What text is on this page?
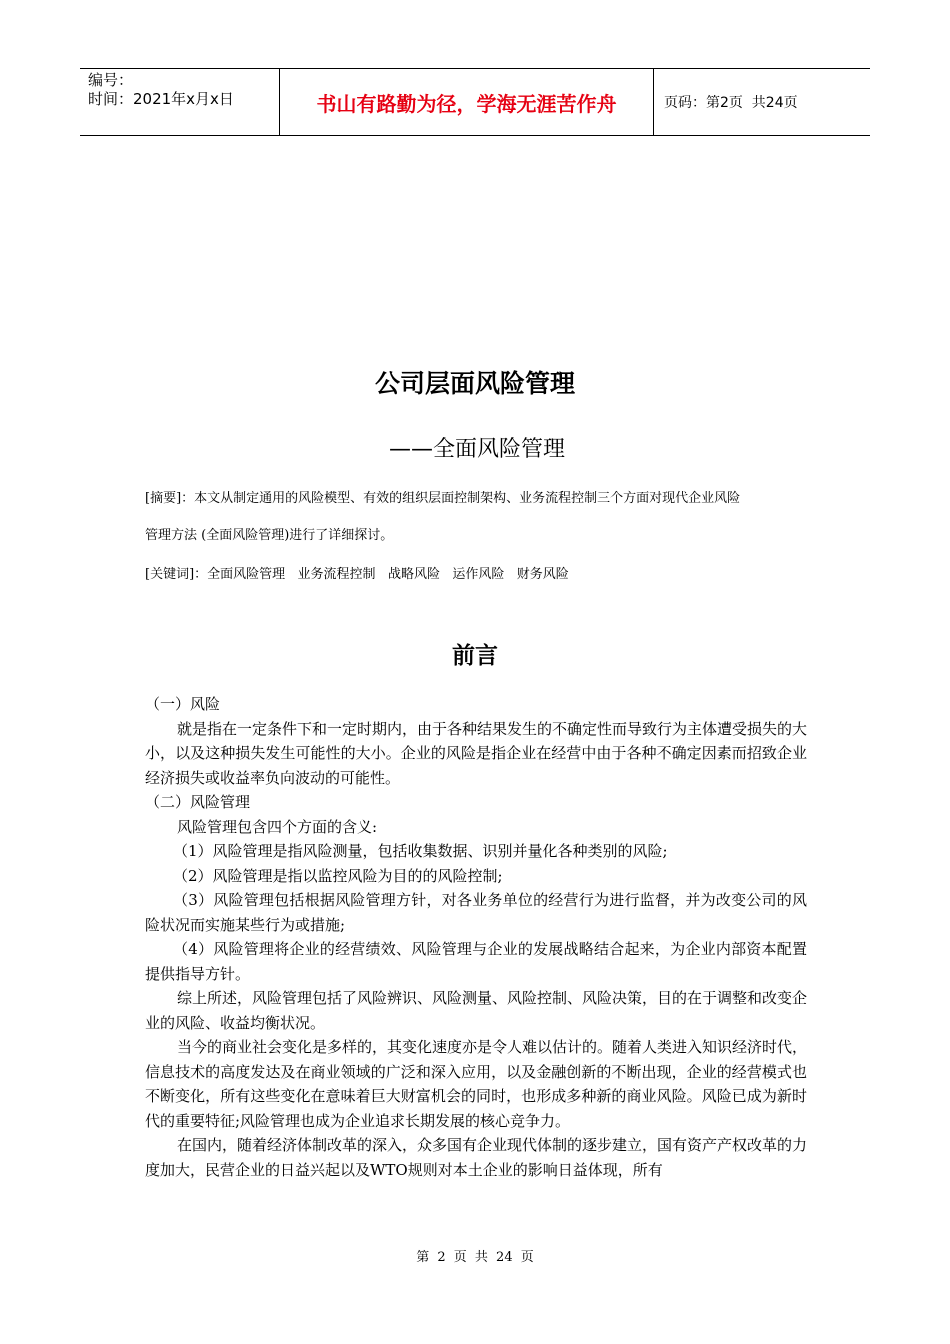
编号：
时间：2021年x月x日	书山有路勤为径，学海无涯苦作舟	页码：第2页  共24页
公司层面风险管理
——全面风险管理

[摘要]：本文从制定通用的风险模型、有效的组织层面控制架构、业务流程控制三个方面对现代企业风险

管理方法 (全面风险管理)进行了详细探讨。

[关键词]：全面风险管理   业务流程控制   战略风险   运作风险   财务风险
前言

（一）风险

就是指在一定条件下和一定时期内，由于各种结果发生的不确定性而导致行为主体遭受损失的大小，以及这种损失发生可能性的大小。企业的风险是指企业在经营中由于各种不确定因素而招致企业经济损失或收益率负向波动的可能性。

（二）风险管理

风险管理包含四个方面的含义:

（1）风险管理是指风险测量，包括收集数据、识别并量化各种类别的风险;

（2）风险管理是指以监控风险为目的的风险控制;

（3）风险管理包括根据风险管理方针，对各业务单位的经营行为进行监督，并为改变公司的风险状况而实施某些行为或措施;

（4）风险管理将企业的经营绩效、风险管理与企业的发展战略结合起来，为企业内部资本配置提供指导方针。

综上所述，风险管理包括了风险辨识、风险测量、风险控制、风险决策，目的在于调整和改变企业的风险、收益均衡状况。

当今的商业社会变化是多样的，其变化速度亦是令人难以估计的。随着人类进入知识经济时代，信息技术的高度发达及在商业领域的广泛和深入应用，以及金融创新的不断出现，企业的经营模式也不断变化，所有这些变化在意味着巨大财富机会的同时，也形成多种新的商业风险。风险已成为新时代的重要特征;风险管理也成为企业追求长期发展的核心竞争力。

在国内，随着经济体制改革的深入，众多国有企业现代体制的逐步建立，国有资产产权改革的力度加大，民营企业的日益兴起以及WTO规则对本土企业的影响日益体现，所有

第 2 页 共 24 页
